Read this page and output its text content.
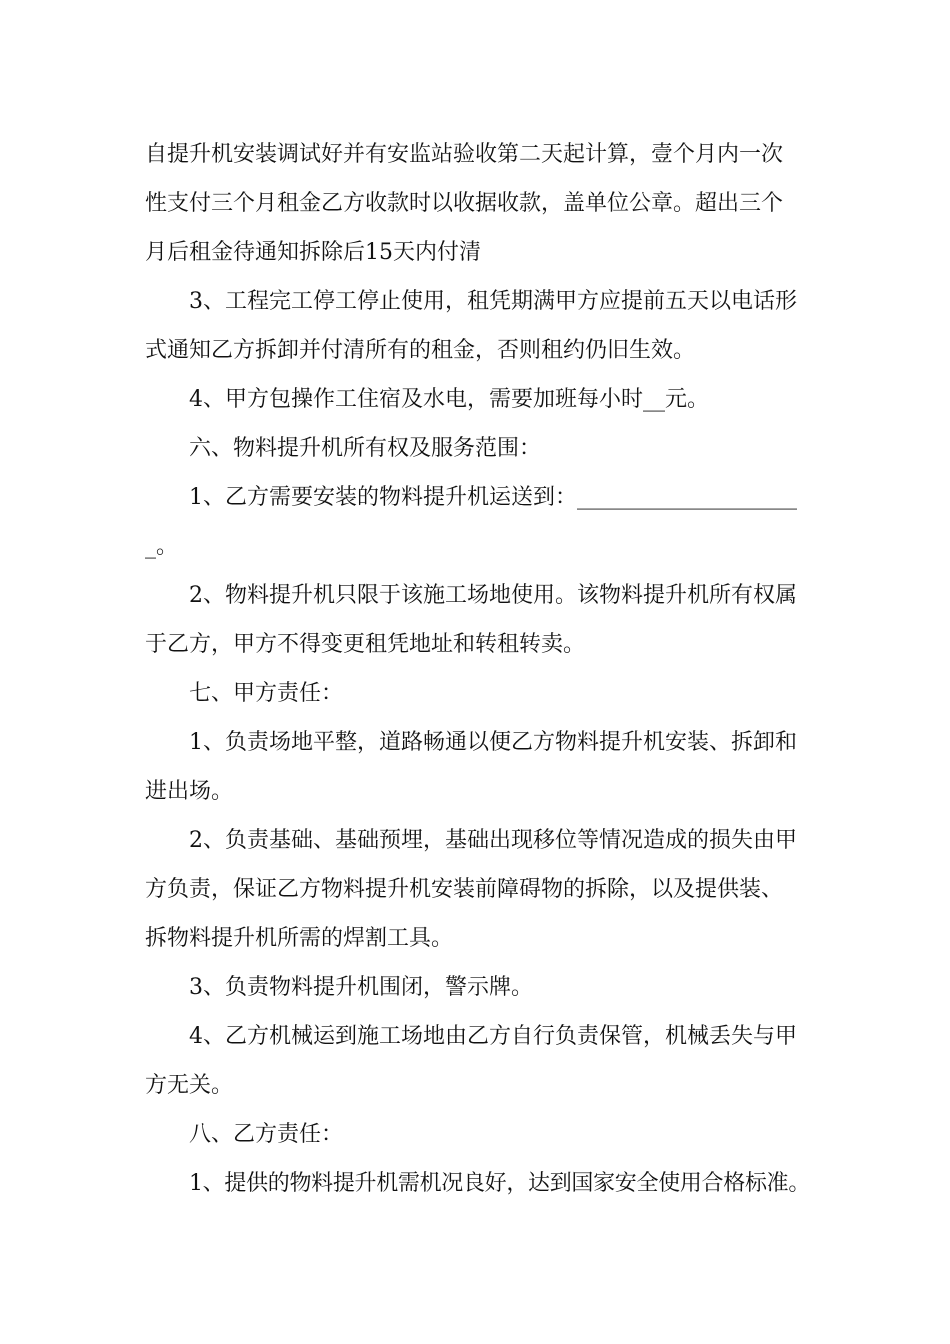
自提升机安装调试好并有安监站验收第二天起计算，壹个月内一次
性支付三个月租金乙方收款时以收据收款，盖单位公章。超出三个
月后租金待通知拆除后15天内付清
3、工程完工停工停止使用，租凭期满甲方应提前五天以电话形
式通知乙方拆卸并付清所有的租金，否则租约仍旧生效。
4、甲方包操作工住宿及水电，需要加班每小时__元。
六、物料提升机所有权及服务范围：
1、乙方需要安装的物料提升机运送到：____________________
_。
2、物料提升机只限于该施工场地使用。该物料提升机所有权属
于乙方，甲方不得变更租凭地址和转租转卖。
七、甲方责任：
1、负责场地平整，道路畅通以便乙方物料提升机安装、拆卸和
进出场。
2、负责基础、基础预埋，基础出现移位等情况造成的损失由甲
方负责，保证乙方物料提升机安装前障碍物的拆除，以及提供装、
拆物料提升机所需的焊割工具。
3、负责物料提升机围闭，警示牌。
4、乙方机械运到施工场地由乙方自行负责保管，机械丢失与甲
方无关。
八、乙方责任：
1、提供的物料提升机需机况良好，达到国家安全使用合格标准。
